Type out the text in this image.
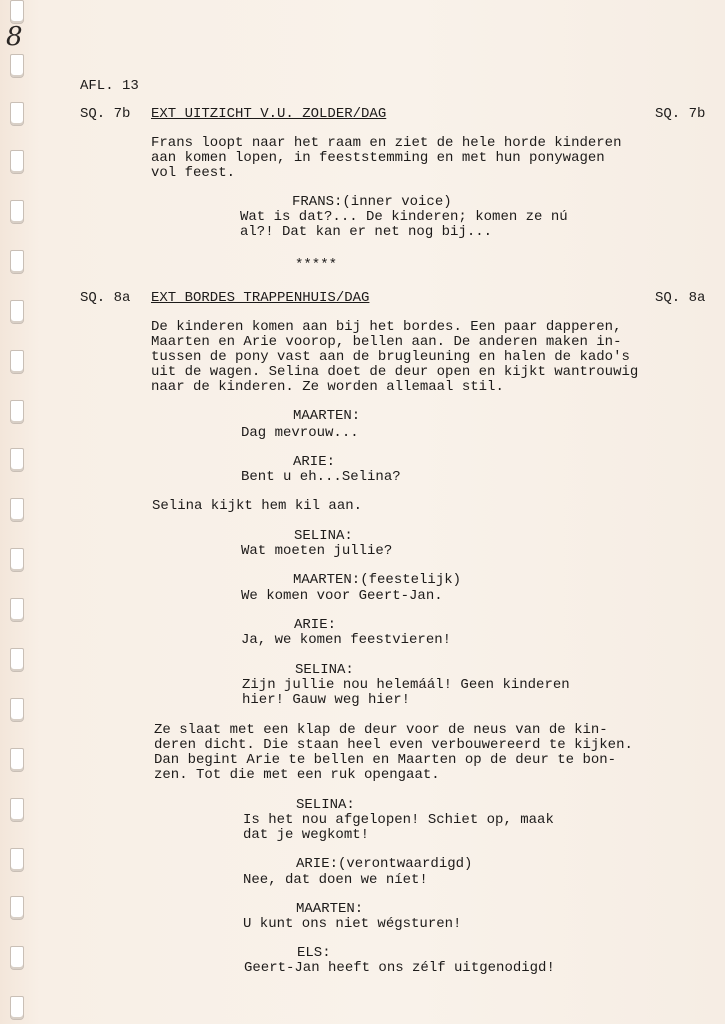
8
AFL. 13
SQ. 7b EXT UITZICHT V.U. ZOLDER/DAG	SQ. 7b
Frans loopt naar het raam en ziet de hele horde kinderen
aan komen lopen, in feeststemming en met hun ponywagen
vol feest.
FRANS:(inner voice)
Wat is dat?... De kinderen; komen ze nú
al?! Dat kan er net nog bij...
*****
SQ. 8a EXT BORDES TRAPPENHUIS/DAG	SQ. 8a
De kinderen komen aan bij het bordes. Een paar dapperen,
Maarten en Arie voorop, bellen aan. De anderen maken in-
tussen de pony vast aan de brugleuning en halen de kado's
uit de wagen. Selina doet de deur open en kijkt wantrouwig
naar de kinderen. Ze worden allemaal stil.
MAARTEN:
Dag mevrouw...
ARIE:
Bent u eh...Selina?
Selina kijkt hem kil aan.
SELINA:
Wat moeten jullie?
MAARTEN:(feestelijk)
We komen voor Geert-Jan.
ARIE:
Ja, we komen feestvieren!
SELINA:
Zijn jullie nou helemáál! Geen kinderen
hier! Gauw weg hier!
Ze slaat met een klap de deur voor de neus van de kin-
deren dicht. Die staan heel even verbouwereerd te kijken.
Dan begint Arie te bellen en Maarten op de deur te bon-
zen. Tot die met een ruk opengaat.
SELINA:
Is het nou afgelopen! Schiet op, maak
dat je wegkomt!
ARIE:(verontwaardigd)
Nee, dat doen we níet!
MAARTEN:
U kunt ons niet wégsturen!
ELS:
Geert-Jan heeft ons zélf uitgenodigd!
